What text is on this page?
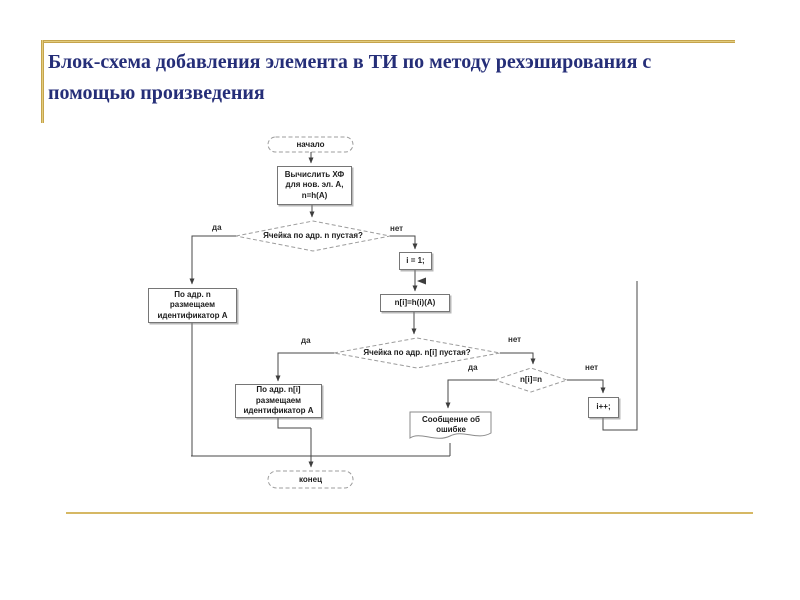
Блок-схема добавления элемента в ТИ по методу рехэширования с
помощью произведения
Вычислить ХФ
для нов. эл. A,
n=h(A)
По адр. n
размещаем
идентификатор A
i = 1;
n[i]=h(i)(A)
По адр. n[i]
размещаем
идентификатор A	i++;
начало
Ячейка по адр. n пустая?
Ячейка по адр. n[i] пустая?
n[i]=n
Сообщение об
ошибке
конец
да	нет
да	нет
да	нет
